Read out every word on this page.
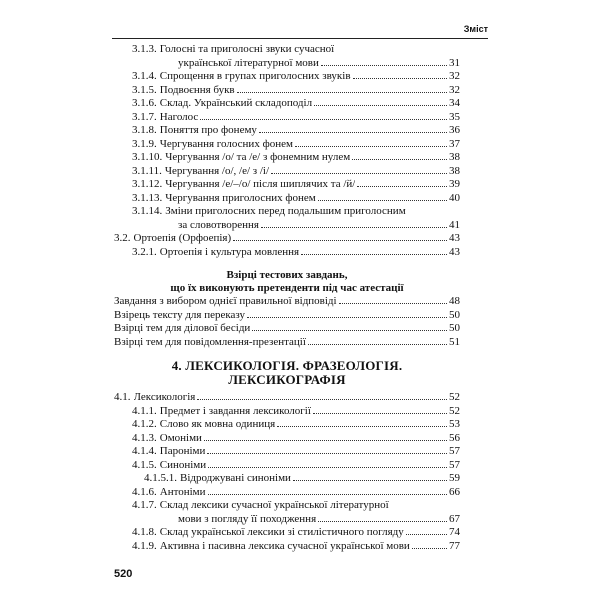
Зміст
3.1.3. Голосні та приголосні звуки сучасної
української літературної мови	31
3.1.4. Спрощення в групах приголосних звуків	32
3.1.5. Подвоєння букв	32
3.1.6. Склад. Український складоподіл	34
3.1.7. Наголос	35
3.1.8. Поняття про фонему	36
3.1.9. Чергування голосних фонем	37
3.1.10. Чергування /о/ та /е/ з фонемним нулем	38
3.1.11. Чергування /о/, /е/ з /і/	38
3.1.12. Чергування /е/–/о/ після шиплячих та /й/	39
3.1.13. Чергування приголосних фонем	40
3.1.14. Зміни приголосних перед подальшим приголосним
за словотворення	41
3.2. Ортоепія (Орфоепія)	43
3.2.1. Ортоепія і культура мовлення	43
Взірці тестових завдань,
що їх виконують претенденти під час атестації
Завдання з вибором однієї правильної відповіді	48
Взірець тексту для переказу	50
Взірці тем для ділової бесіди	50
Взірці тем для повідомлення-презентації	51
4. ЛЕКСИКОЛОГІЯ. ФРАЗЕОЛОГІЯ.
ЛЕКСИКОГРАФІЯ
4.1. Лексикологія	52
4.1.1. Предмет і завдання лексикології	52
4.1.2. Слово як мовна одиниця	53
4.1.3. Омоніми	56
4.1.4. Пароніми	57
4.1.5. Синоніми	57
4.1.5.1. Відроджувані синоніми	59
4.1.6. Антоніми	66
4.1.7. Склад лексики сучасної української літературної
мови з погляду її походження	67
4.1.8. Склад української лексики зі стилістичного погляду	74
4.1.9. Активна і пасивна лексика сучасної української мови	77
520
